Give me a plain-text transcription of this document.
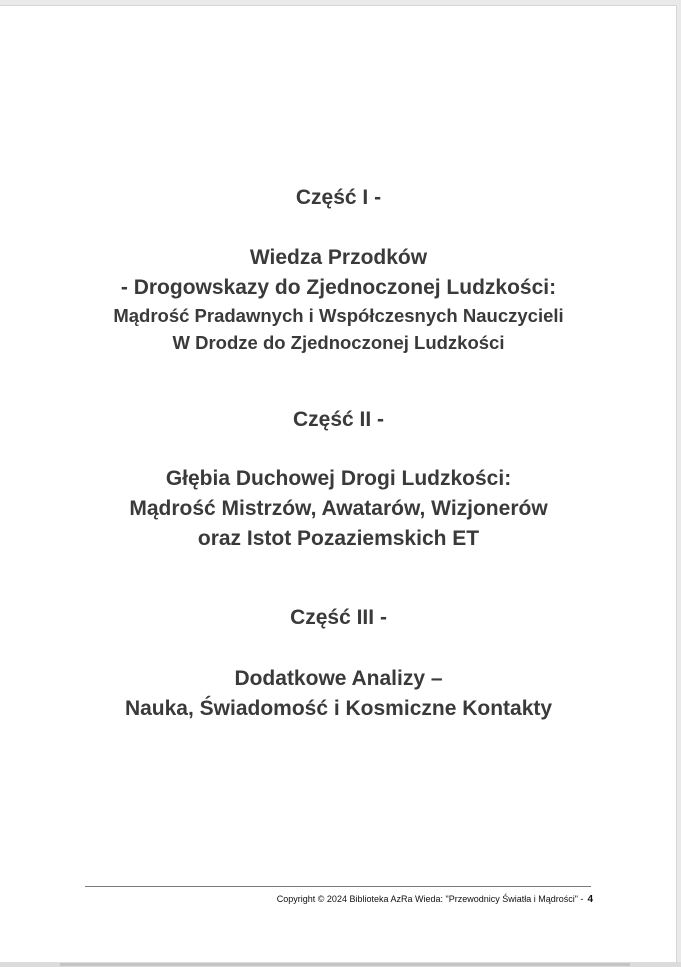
Część I -
Wiedza Przodków
- Drogowskazy do Zjednoczonej Ludzkości:
Mądrość Pradawnych i Współczesnych Nauczycieli
W Drodze do Zjednoczonej Ludzkości
Część II -
Głębia Duchowej Drogi Ludzkości:
Mądrość Mistrzów, Awatarów, Wizjonerów
oraz Istot Pozaziemskich ET
Część III -
Dodatkowe Analizy –
Nauka, Świadomość i Kosmiczne Kontakty
Copyright © 2024 Biblioteka AzRa Wieda: "Przewodnicy Światła i Mądrości" - 4
